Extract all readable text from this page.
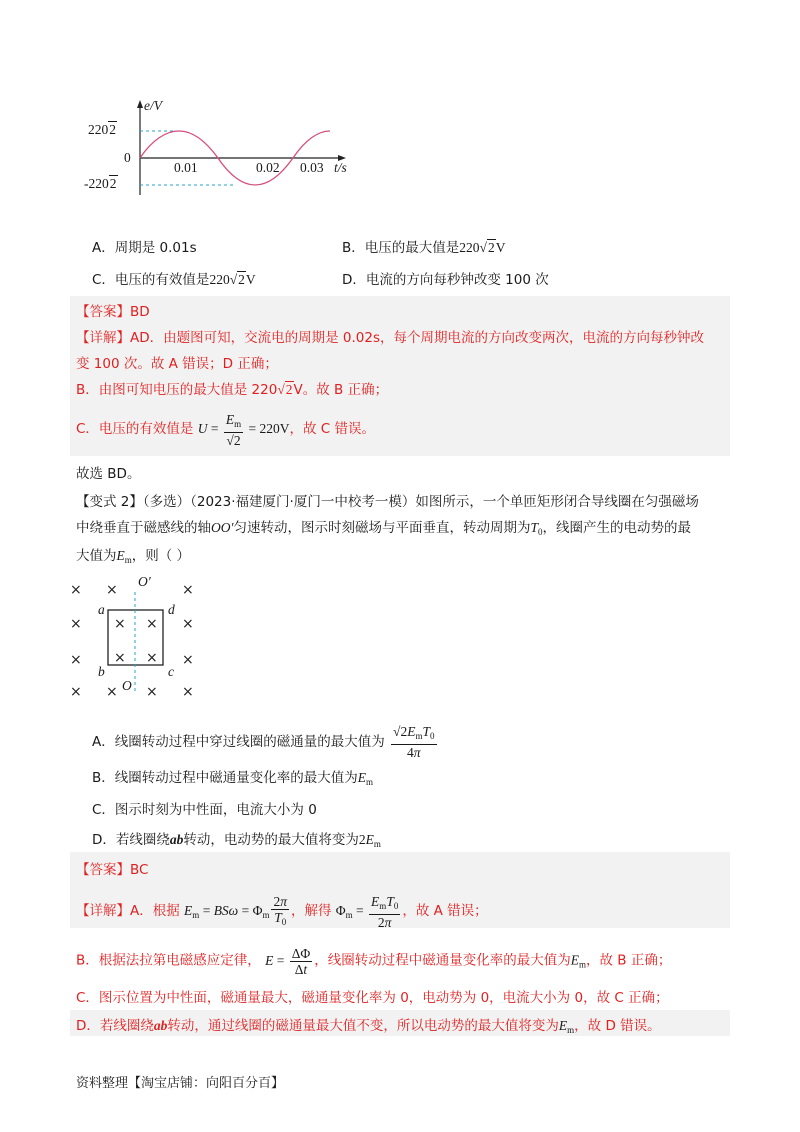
e/V
2202
0
-2202
0.01	0.02 0.03 t/s
A．周期是 0.01s	B．电压的最大值是220√2V
C．电压的有效值是220√2V	D．电流的方向每秒钟改变 100 次
【答案】BD
【详解】AD．由题图可知，交流电的周期是 0.02s，每个周期电流的方向改变两次，电流的方向每秒钟改
变 100 次。故 A 错误；D 正确；
B．由图可知电压的最大值是 220√2V。故 B 正确；
C．电压的有效值是 $U = \frac{E_m}{√2} = 220V$，故 C 错误。
故选 BD。
【变式 2】（多选）（2023·福建厦门·厦门一中校考一模）如图所示，一个单匝矩形闭合导线圈在匀强磁场
中绕垂直于磁感线的轴OO′匀速转动，图示时刻磁场与平面垂直，转动周期为$T_0$，线圈产生的电动势的最
大值为$E_m$，则（ ）
× ×	×
× × × ×
× × × ×
× × × ×
O′
a	d
b	c
O
A．线圈转动过程中穿过线圈的磁通量的最大值为 $\frac{√2E_mT_0}{4\pi}$
B．线圈转动过程中磁通量变化率的最大值为$E_m$
C．图示时刻为中性面，电流大小为 0
D．若线圈绕ab转动，电动势的最大值将变为$2E_m$
【答案】BC
【详解】A．根据 $E_m = BS\omega = \Phi_m \frac{2\pi}{T_0}$ ，解得 $\Phi_m = \frac{E_mT_0}{2\pi}$ ，故 A 错误；
B．根据法拉第电磁感应定律， $E = \frac{\Delta\Phi}{\Delta t}$ ，线圈转动过程中磁通量变化率的最大值为$E_m$，故 B 正确；
C．图示位置为中性面，磁通量最大，磁通量变化率为 0，电动势为 0，电流大小为 0，故 C 正确；
D．若线圈绕ab转动，通过线圈的磁通量最大值不变，所以电动势的最大值将变为$E_m$，故 D 错误。
资料整理【淘宝店铺：向阳百分百】
